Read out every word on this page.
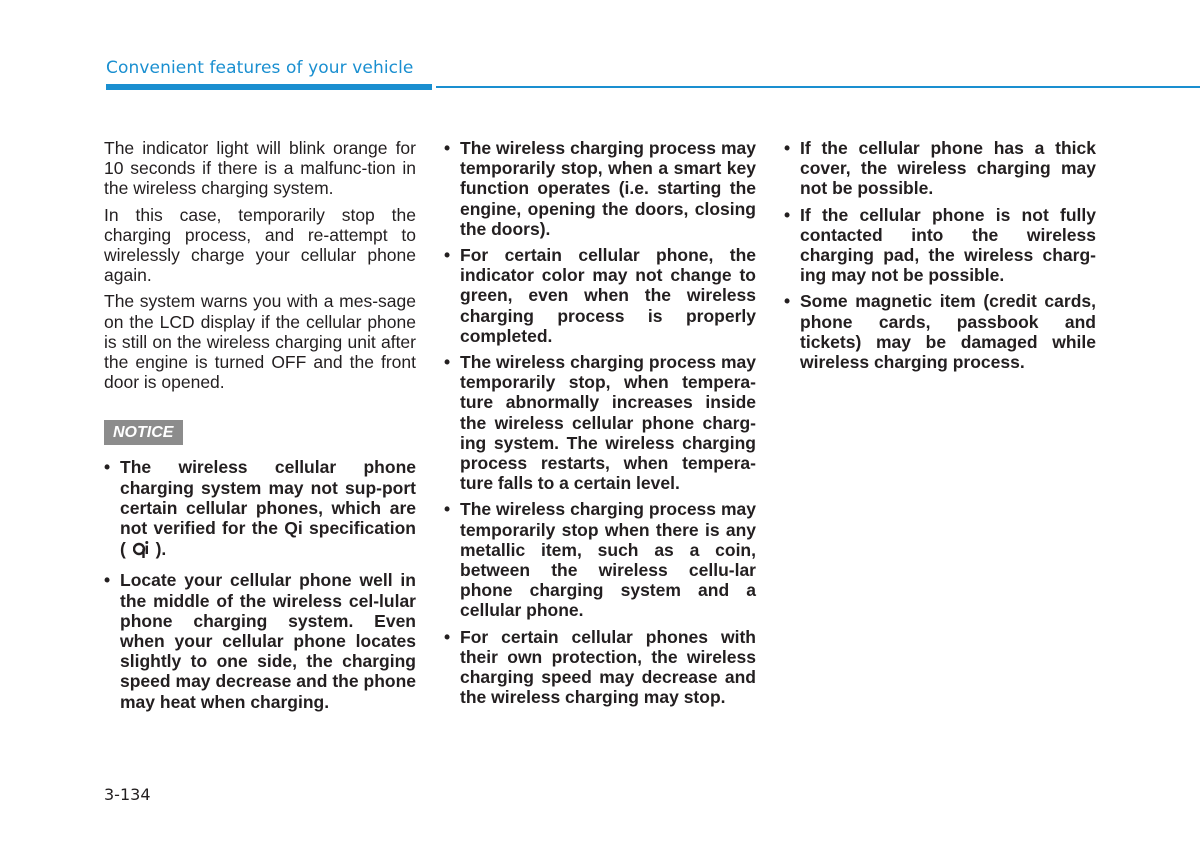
Convenient features of your vehicle

The indicator light will blink orange for 10 seconds if there is a malfunc-tion in the wireless charging system.

In this case, temporarily stop the charging process, and re-attempt to wirelessly charge your cellular phone again.

The system warns you with a mes-sage on the LCD display if the cellular phone is still on the wireless charging unit after the engine is turned OFF and the front door is opened.

NOTICE
• The wireless cellular phone charging system may not sup-port certain cellular phones, which are not verified for the Qi specification ( ).
• Locate your cellular phone well in the middle of the wireless cel-lular phone charging system. Even when your cellular phone locates slightly to one side, the charging speed may decrease and the phone may heat when charging.
• The wireless charging process may temporarily stop, when a smart key function operates (i.e. starting the engine, opening the doors, closing the doors).
• For certain cellular phone, the indicator color may not change to green, even when the wireless charging process is properly completed.
• The wireless charging process may temporarily stop, when tempera-ture abnormally increases inside the wireless cellular phone charg-ing system. The wireless charging process restarts, when tempera-ture falls to a certain level.
• The wireless charging process may temporarily stop when there is any metallic item, such as a coin, between the wireless cellu-lar phone charging system and a cellular phone.
• For certain cellular phones with their own protection, the wireless charging speed may decrease and the wireless charging may stop.
• If the cellular phone has a thick cover, the wireless charging may not be possible.
• If the cellular phone is not fully contacted into the wireless charging pad, the wireless charg-ing may not be possible.
• Some magnetic item (credit cards, phone cards, passbook and tickets) may be damaged while wireless charging process.
3-134
